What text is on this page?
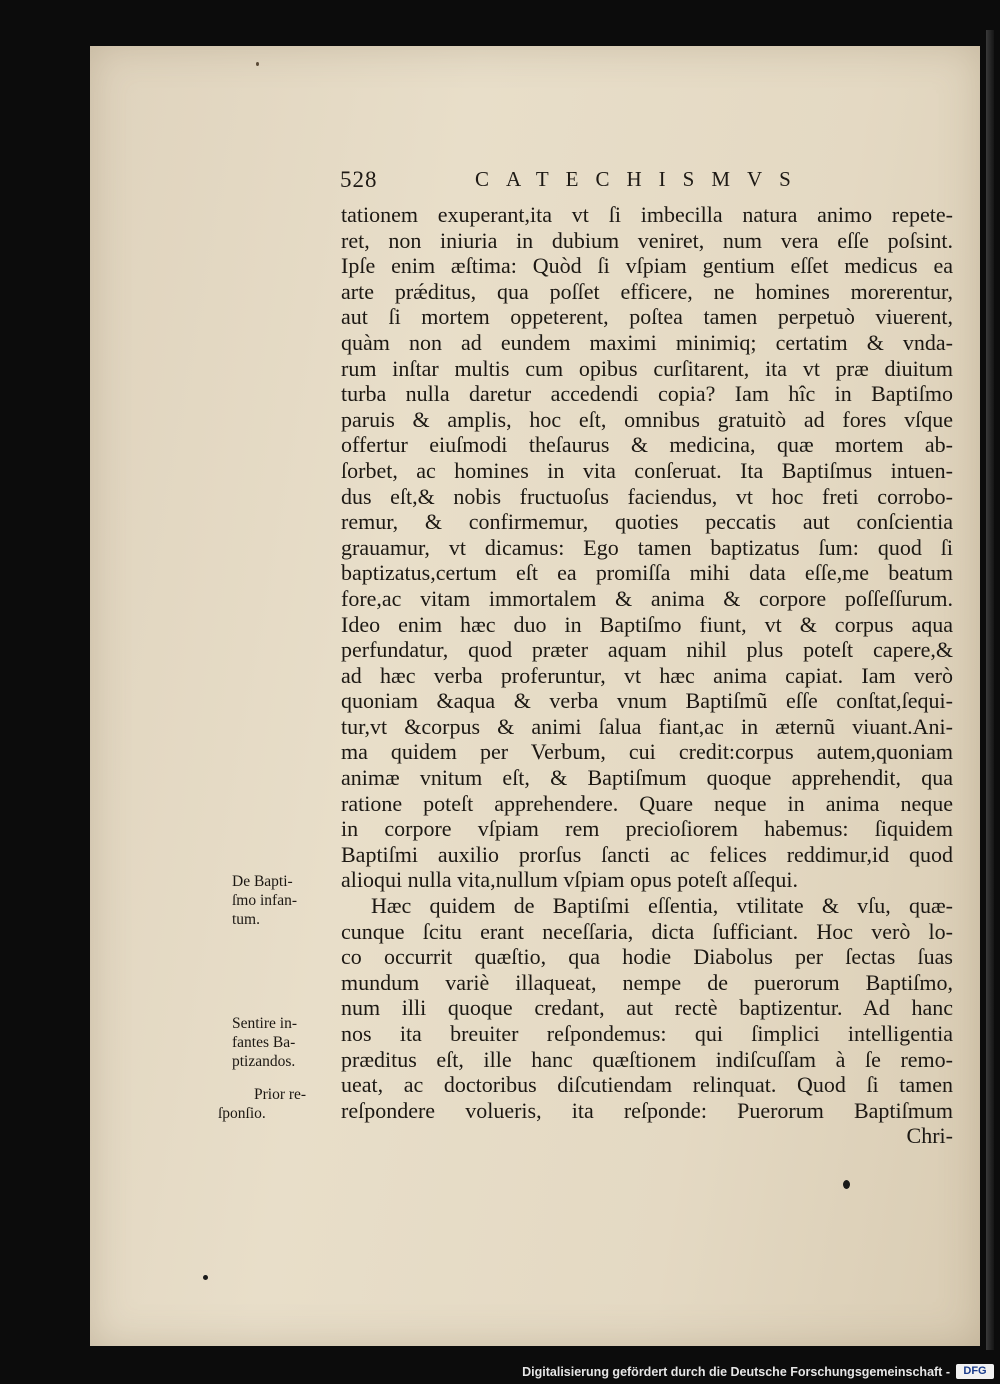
528	CATECHISMVS
tationem exuperant,ita vt ſi imbecilla natura animo repete-
ret, non iniuria in dubium veniret, num vera eſſe poſsint.
Ipſe enim æſtima: Quòd ſi vſpiam gentium eſſet medicus ea
arte prǽditus, qua poſſet efficere, ne homines morerentur,
aut ſi mortem oppeterent, poſtea tamen perpetuò viuerent,
quàm non ad eundem maximi minimiq; certatim & vnda-
rum inſtar multis cum opibus curſitarent, ita vt præ diuitum
turba nulla daretur accedendi copia? Iam hîc in Baptiſmo
paruis & amplis, hoc eſt, omnibus gratuitò ad fores vſque
offertur eiuſmodi theſaurus & medicina, quæ mortem ab-
ſorbet, ac homines in vita conſeruat. Ita Baptiſmus intuen-
dus eſt,& nobis fructuoſus faciendus, vt hoc freti corrobo-
remur, & confirmemur, quoties peccatis aut conſcientia
grauamur, vt dicamus: Ego tamen baptizatus ſum: quod ſi
baptizatus,certum eſt ea promiſſa mihi data eſſe,me beatum
fore,ac vitam immortalem & anima & corpore poſſeſſurum.
Ideo enim hæc duo in Baptiſmo fiunt, vt & corpus aqua
perfundatur, quod præter aquam nihil plus poteſt capere,&
ad hæc verba proferuntur, vt hæc anima capiat. Iam verò
quoniam &aqua & verba vnum Baptiſmũ eſſe conſtat,ſequi-
tur,vt &corpus & animi ſalua fiant,ac in æternũ viuant.Ani-
ma quidem per Verbum, cui credit:corpus autem,quoniam
animæ vnitum eſt, & Baptiſmum quoque apprehendit, qua
ratione poteſt apprehendere. Quare neque in anima neque
in corpore vſpiam rem precioſiorem habemus: ſiquidem
Baptiſmi auxilio prorſus ſancti ac felices reddimur,id quod
alioqui nulla vita,nullum vſpiam opus poteſt aſſequi.
Hæc quidem de Baptiſmi eſſentia, vtilitate & vſu, quæ-
cunque ſcitu erant neceſſaria, dicta ſufficiant. Hoc verò lo-
co occurrit quæſtio, qua hodie Diabolus per ſectas ſuas
mundum variè illaqueat, nempe de puerorum Baptiſmo,
num illi quoque credant, aut rectè baptizentur. Ad hanc
nos ita breuiter reſpondemus: qui ſimplici intelligentia
præditus eſt, ille hanc quæſtionem indiſcuſſam à ſe remo-
ueat, ac doctoribus diſcutiendam relinquat. Quod ſi tamen
reſpondere volueris, ita reſponde: Puerorum Baptiſmum
Chri-
De Bapti-
ſmo infan-
tum.
Sentire in-
fantes Ba-
ptizandos.
Prior re-
ſponſio.
Digitalisierung gefördert durch die Deutsche Forschungsgemeinschaft -	DFG
